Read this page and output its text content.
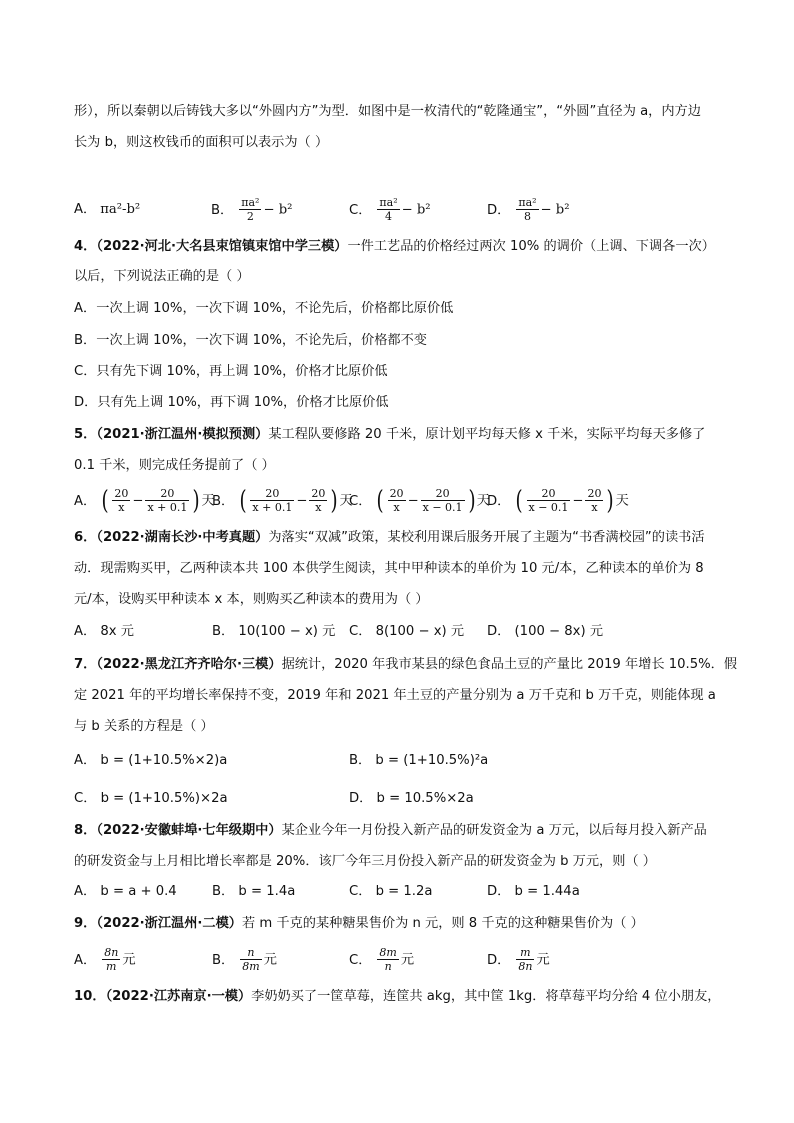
形），所以秦朝以后铸钱大多以“外圆内方”为型．如图中是一枚清代的“乾隆通宝”，“外圆”直径为 a，内方边
长为 b，则这枚钱币的面积可以表示为（ ）
A． πa²-b²	B． $\frac{\text{πa²}}{2} - b^2$	C． $\frac{\text{πa²}}{4} - b^2$	D． $\frac{\text{πa²}}{8} - b^2$
4．（2022·河北·大名县束馆镇束馆中学三模）一件工艺品的价格经过两次 10% 的调价（上调、下调各一次）
以后，下列说法正确的是（ ）
A．一次上调 10%，一次下调 10%，不论先后，价格都比原价低
B．一次上调 10%，一次下调 10%，不论先后，价格都不变
C．只有先下调 10%，再上调 10%，价格才比原价低
D．只有先上调 10%，再下调 10%，价格才比原价低
5．（2021·浙江温州·模拟预测）某工程队要修路 20 千米，原计划平均每天修 x 千米，实际平均每天多修了
0.1 千米，则完成任务提前了（ ）
A． ( $\frac{20}{x} - \frac{20}{x + 0.1}$ ) 天
B． ( $\frac{20}{x + 0.1} - \frac{20}{x}$ ) 天
C． ( $\frac{20}{x} - \frac{20}{x - 0.1}$ ) 天
D． ( $\frac{20}{x - 0.1} - \frac{20}{x}$ ) 天
6．（2022·湖南长沙·中考真题）为落实“双减”政策，某校利用课后服务开展了主题为“书香满校园”的读书活
动．现需购买甲，乙两种读本共 100 本供学生阅读，其中甲种读本的单价为 10 元/本，乙种读本的单价为 8
元/本，设购买甲种读本 x 本，则购买乙种读本的费用为（ ）
A． 8x 元	B． 10(100 − x) 元 C． 8(100 − x) 元 D． (100 − 8x) 元
7．（2022·黑龙江齐齐哈尔·三模）据统计，2020 年我市某县的绿色食品土豆的产量比 2019 年增长 10.5%．假
定 2021 年的平均增长率保持不变，2019 年和 2021 年土豆的产量分别为 a 万千克和 b 万千克，则能体现 a
与 b 关系的方程是（ ）
A． b = (1+10.5%×2)a	B． b = (1+10.5%)²a
C． b = (1+10.5%)×2a	D． b = 10.5%×2a
8．（2022·安徽蚌埠·七年级期中）某企业今年一月份投入新产品的研发资金为 a 万元，以后每月投入新产品
的研发资金与上月相比增长率都是 20%．该厂今年三月份投入新产品的研发资金为 b 万元，则（ ）
A． b = a + 0.4	B． b = 1.4a	C． b = 1.2a	D． b = 1.44a
9．（2022·浙江温州·二模）若 m 千克的某种糖果售价为 n 元，则 8 千克的这种糖果售价为（ ）
A． $\frac{8n}{m}$ 元	B． $\frac{n}{8m}$ 元	C． $\frac{8m}{n}$ 元	D． $\frac{m}{8n}$ 元
10．（2022·江苏南京·一模）李奶奶买了一筐草莓，连筐共 akg，其中筐 1kg．将草莓平均分给 4 位小朋友，
